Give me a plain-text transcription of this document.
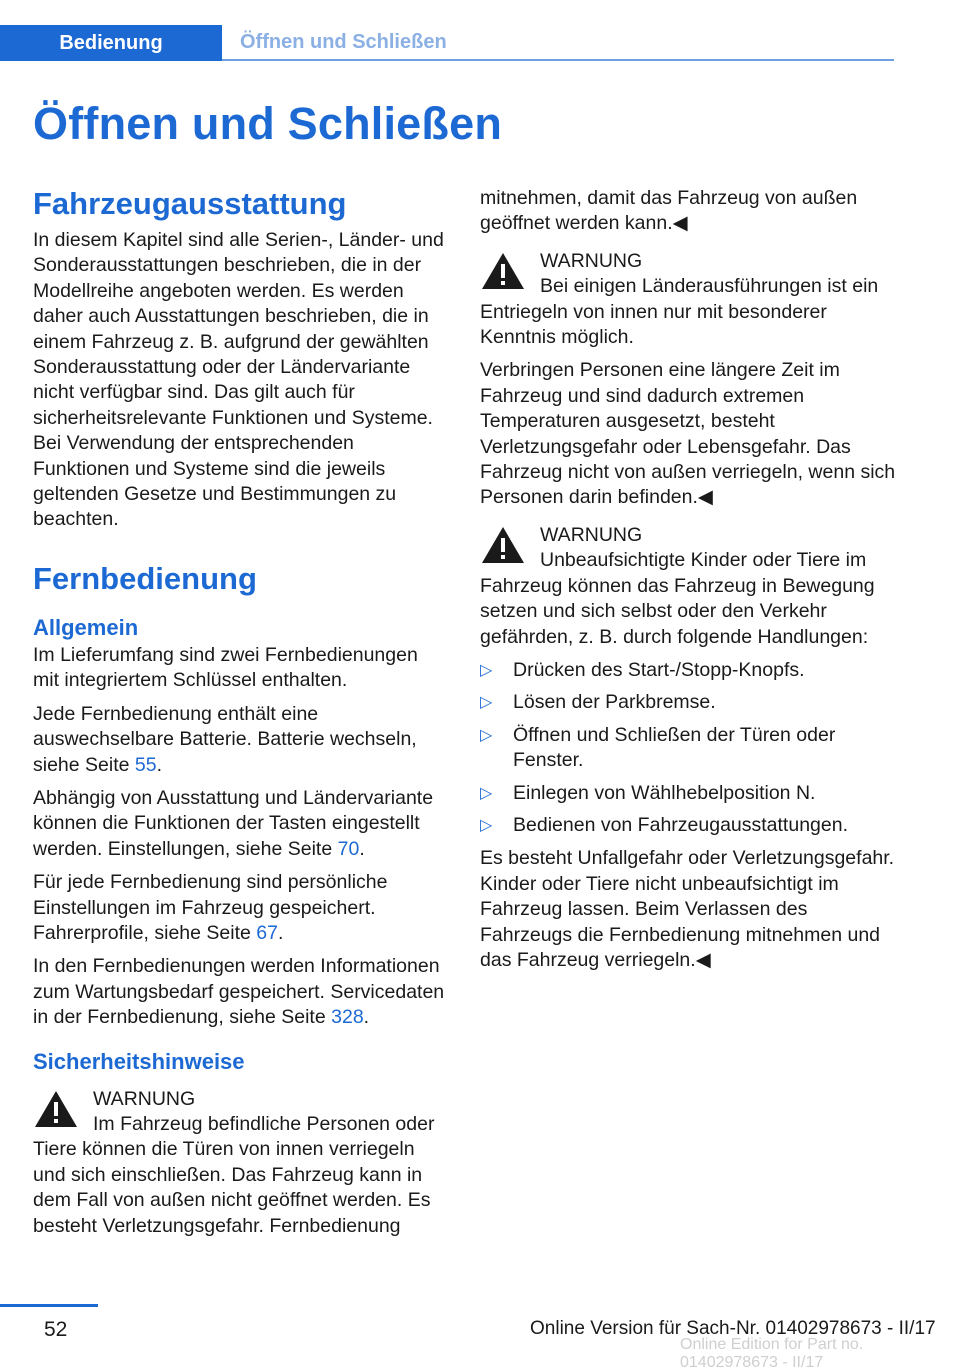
Bedienung	Öffnen und Schließen
Öffnen und Schließen
Fahrzeugausstattung

In diesem Kapitel sind alle Serien-, Länder- und Sonderausstattungen beschrieben, die in der Modellreihe angeboten werden. Es werden daher auch Ausstattungen beschrieben, die in einem Fahrzeug z. B. aufgrund der gewählten Sonderausstattung oder der Ländervariante nicht verfügbar sind. Das gilt auch für sicherheitsrelevante Funktionen und Systeme. Bei Verwendung der entsprechenden Funktionen und Systeme sind die jeweils geltenden Gesetze und Bestimmungen zu beachten.

Fernbedienung
Allgemein

Im Lieferumfang sind zwei Fernbedienungen mit integriertem Schlüssel enthalten.

Jede Fernbedienung enthält eine auswechselbare Batterie. Batterie wechseln, siehe Seite 55.

Abhängig von Ausstattung und Ländervariante können die Funktionen der Tasten eingestellt werden. Einstellungen, siehe Seite 70.

Für jede Fernbedienung sind persönliche Einstellungen im Fahrzeug gespeichert. Fahrerprofile, siehe Seite 67.

In den Fernbedienungen werden Informationen zum Wartungsbedarf gespeichert. Servicedaten in der Fernbedienung, siehe Seite 328.

Sicherheitshinweise
WARNUNG
Im Fahrzeug befindliche Personen oder Tiere können die Türen von innen verriegeln und sich einschließen. Das Fahrzeug kann in dem Fall von außen nicht geöffnet werden. Es besteht Verletzungsgefahr. Fernbedienung

mitnehmen, damit das Fahrzeug von außen geöffnet werden kann.◀

WARNUNG
Bei einigen Länderausführungen ist ein Entriegeln von innen nur mit besonderer Kenntnis möglich.

Verbringen Personen eine längere Zeit im Fahrzeug und sind dadurch extremen Temperaturen ausgesetzt, besteht Verletzungsgefahr oder Lebensgefahr. Das Fahrzeug nicht von außen verriegeln, wenn sich Personen darin befinden.◀

WARNUNG
Unbeaufsichtigte Kinder oder Tiere im Fahrzeug können das Fahrzeug in Bewegung setzen und sich selbst oder den Verkehr gefährden, z. B. durch folgende Handlungen:
▷ Drücken des Start-/Stopp-Knopfs.
▷ Lösen der Parkbremse.
▷ Öffnen und Schließen der Türen oder Fenster.
▷ Einlegen von Wählhebelposition N.
▷ Bedienen von Fahrzeugausstattungen.

Es besteht Unfallgefahr oder Verletzungsgefahr. Kinder oder Tiere nicht unbeaufsichtigt im Fahrzeug lassen. Beim Verlassen des Fahrzeugs die Fernbedienung mitnehmen und das Fahrzeug verriegeln.◀

52	Online Version für Sach-Nr. 01402978673 - II/17
Online Edition for Part no. 01402978673 - II/17
